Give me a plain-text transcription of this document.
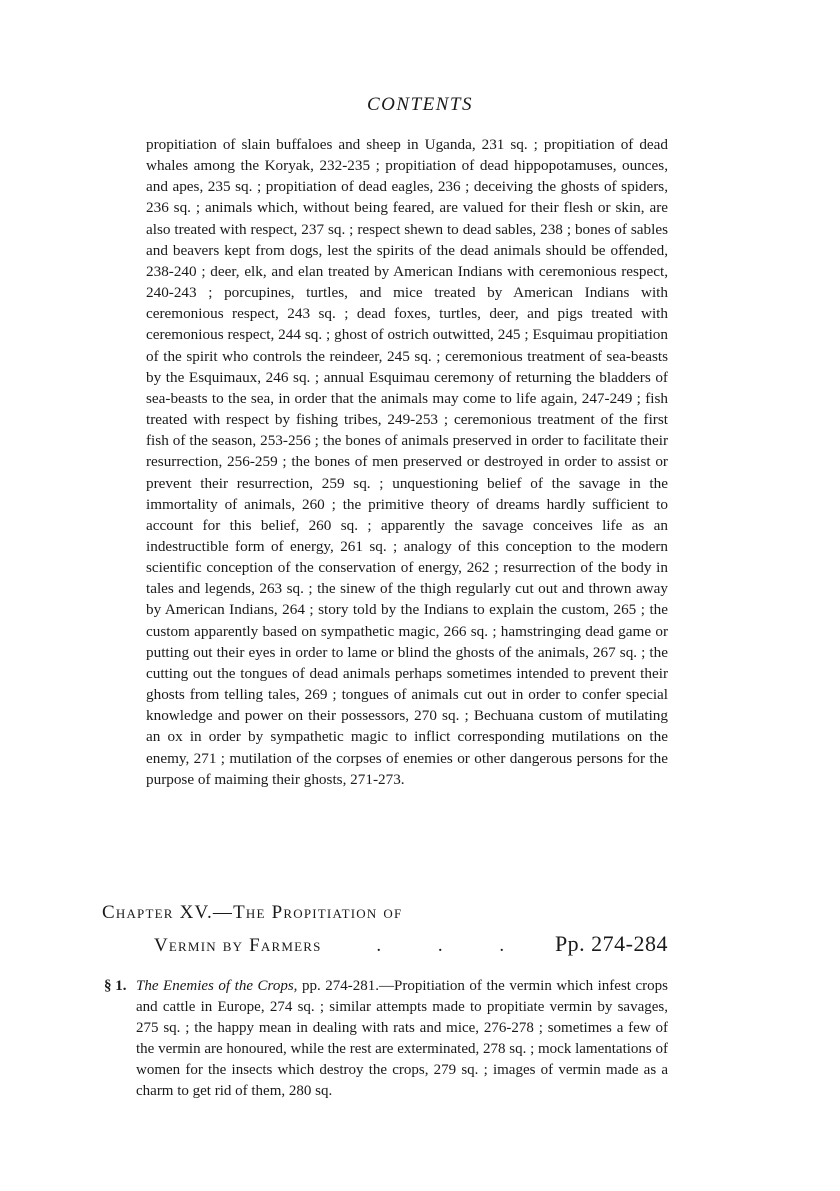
CONTENTS
propitiation of slain buffaloes and sheep in Uganda, 231 sq. ; propitiation of dead whales among the Koryak, 232-235 ; propitiation of dead hippopotamuses, ounces, and apes, 235 sq. ; propitiation of dead eagles, 236 ; deceiving the ghosts of spiders, 236 sq. ; animals which, without being feared, are valued for their flesh or skin, are also treated with respect, 237 sq. ; respect shewn to dead sables, 238 ; bones of sables and beavers kept from dogs, lest the spirits of the dead animals should be offended, 238-240 ; deer, elk, and elan treated by American Indians with ceremonious respect, 240-243 ; porcupines, turtles, and mice treated by American Indians with ceremonious respect, 243 sq. ; dead foxes, turtles, deer, and pigs treated with ceremonious respect, 244 sq. ; ghost of ostrich outwitted, 245 ; Esquimau propitiation of the spirit who controls the reindeer, 245 sq. ; ceremonious treatment of sea-beasts by the Esquimaux, 246 sq. ; annual Esquimau ceremony of returning the bladders of sea-beasts to the sea, in order that the animals may come to life again, 247-249 ; fish treated with respect by fishing tribes, 249-253 ; ceremonious treatment of the first fish of the season, 253-256 ; the bones of animals preserved in order to facilitate their resurrection, 256-259 ; the bones of men preserved or destroyed in order to assist or prevent their resurrection, 259 sq. ; unquestioning belief of the savage in the immortality of animals, 260 ; the primitive theory of dreams hardly sufficient to account for this belief, 260 sq. ; apparently the savage conceives life as an indestructible form of energy, 261 sq. ; analogy of this conception to the modern scientific conception of the conservation of energy, 262 ; resurrection of the body in tales and legends, 263 sq. ; the sinew of the thigh regularly cut out and thrown away by American Indians, 264 ; story told by the Indians to explain the custom, 265 ; the custom apparently based on sympathetic magic, 266 sq. ; hamstringing dead game or putting out their eyes in order to lame or blind the ghosts of the animals, 267 sq. ; the cutting out the tongues of dead animals perhaps sometimes intended to prevent their ghosts from telling tales, 269 ; tongues of animals cut out in order to confer special knowledge and power on their possessors, 270 sq. ; Bechuana custom of mutilating an ox in order by sympathetic magic to inflict corresponding mutilations on the enemy, 271 ; mutilation of the corpses of enemies or other dangerous persons for the purpose of maiming their ghosts, 271-273.
Chapter XV.—The Propitiation of
Vermin by Farmers	. . .	Pp. 274-284
§ 1. The Enemies of the Crops, pp. 274-281.—Propitiation of the vermin which infest crops and cattle in Europe, 274 sq. ; similar attempts made to propitiate vermin by savages, 275 sq. ; the happy mean in dealing with rats and mice, 276-278 ; sometimes a few of the vermin are honoured, while the rest are exterminated, 278 sq. ; mock lamentations of women for the insects which destroy the crops, 279 sq. ; images of vermin made as a charm to get rid of them, 280 sq.
